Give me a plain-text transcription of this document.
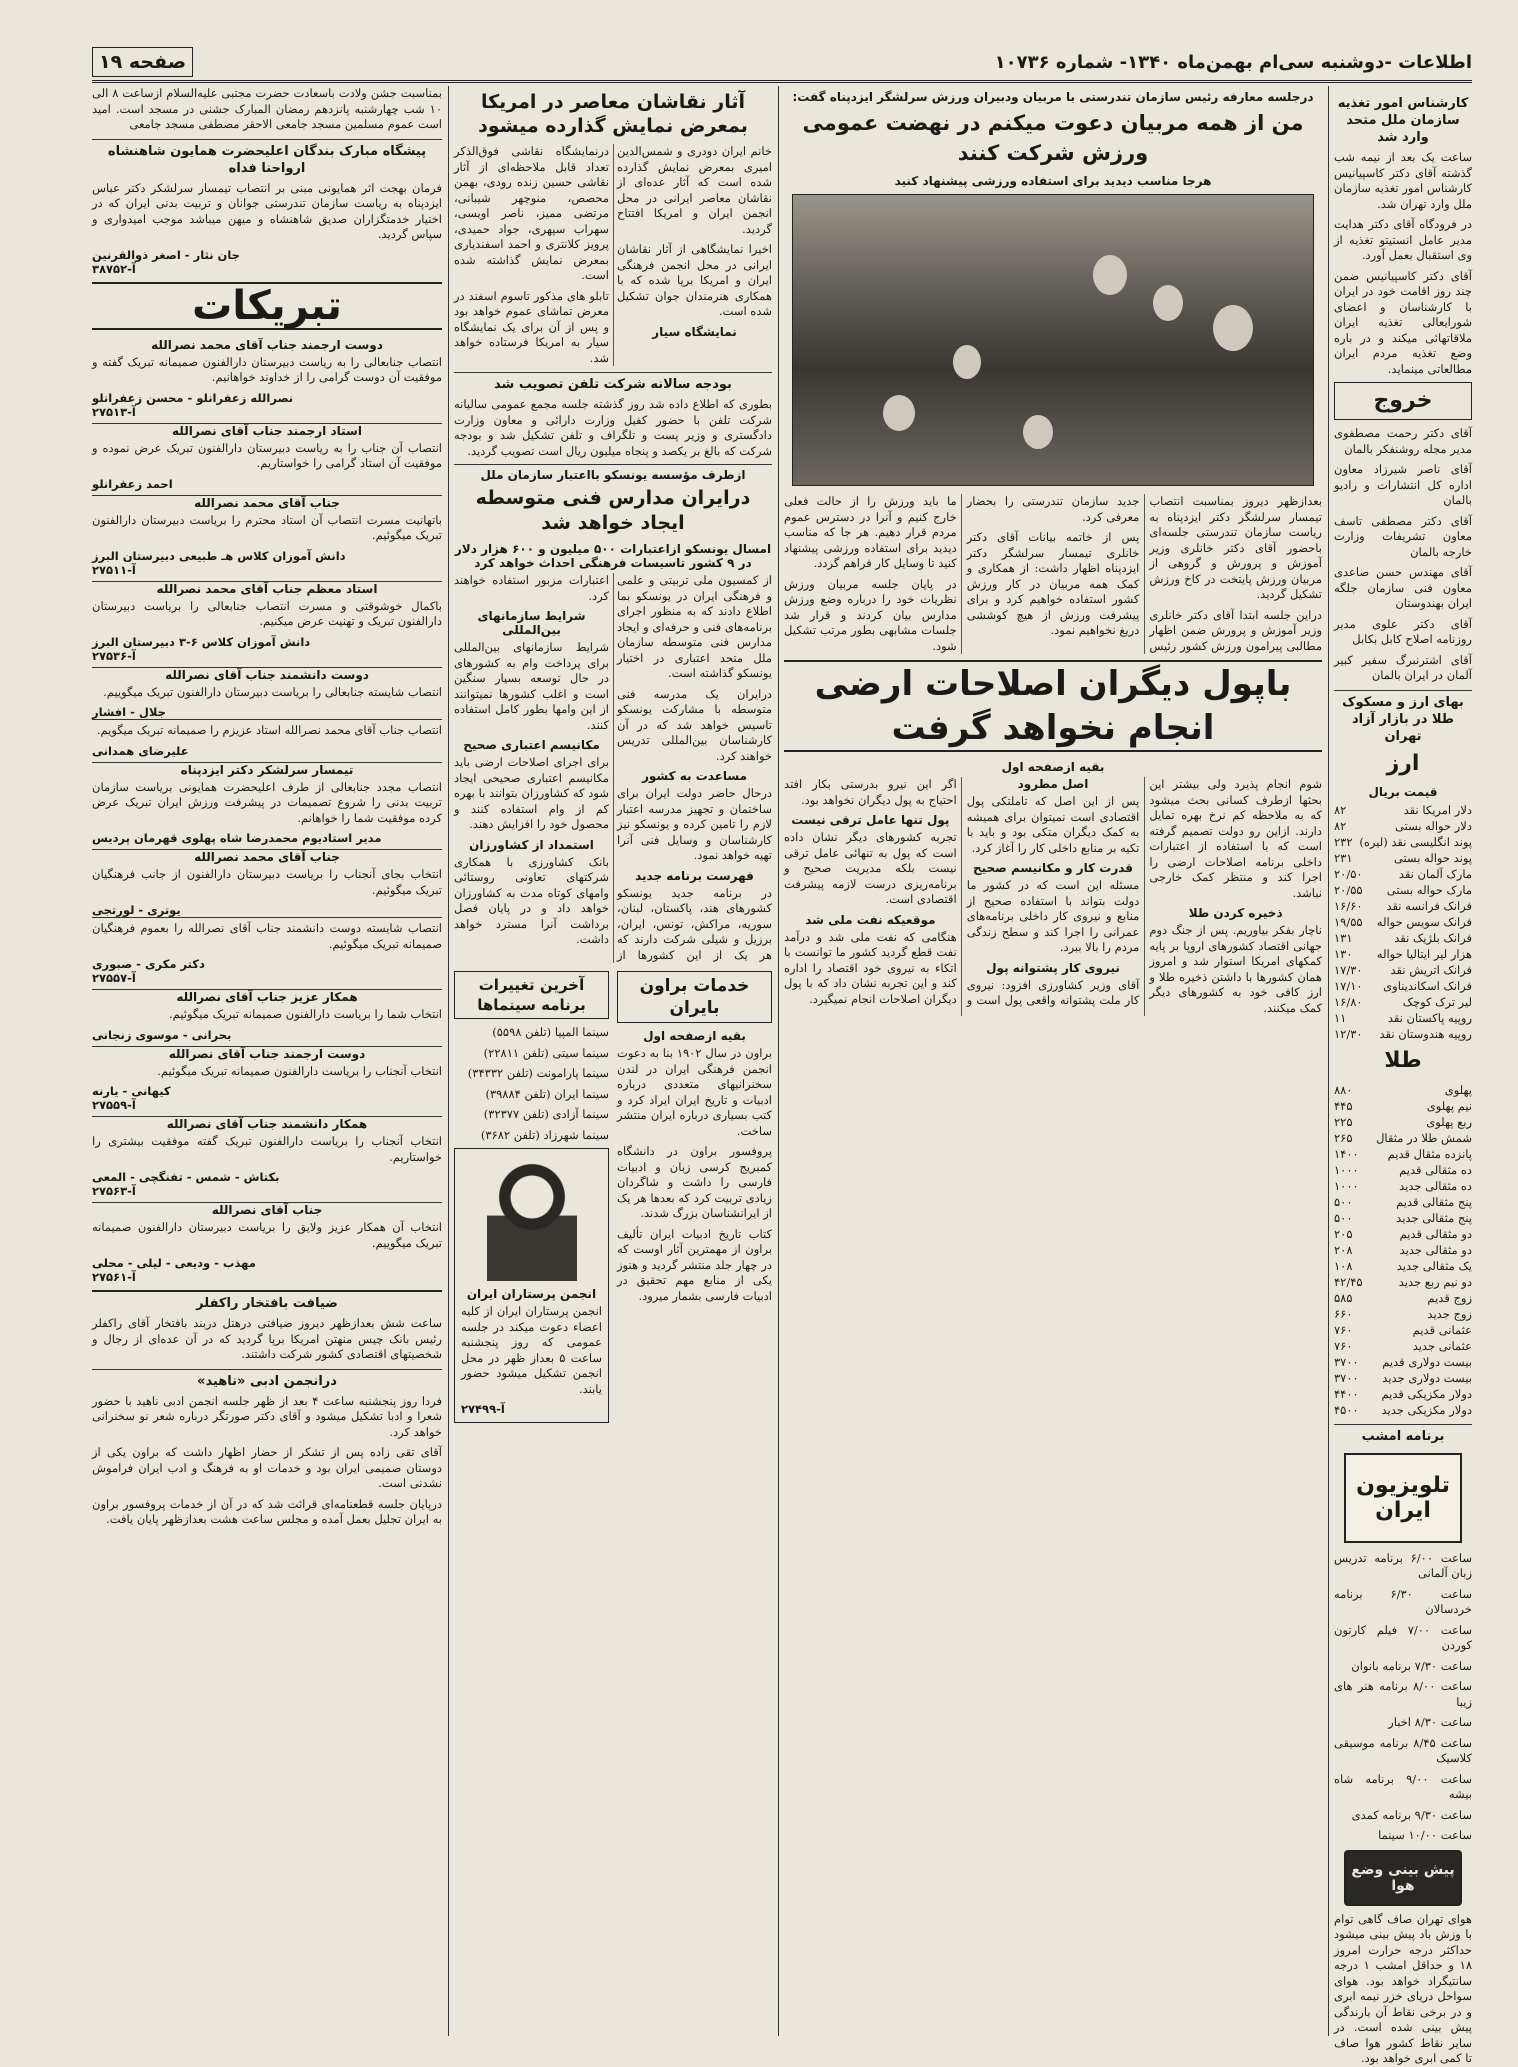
اطلاعات -دوشنبه سی‌ام بهمن‌ماه ۱۳۴۰- شماره ۱۰۷۳۶
صفحه ۱۹
کارشناس امور تغذیه سازمان ملل متحد وارد شد

ساعت یک بعد از نیمه شب گذشته آقای دکتر کاسپیانیس کارشناس امور تغذیه سازمان ملل وارد تهران شد.

در فرودگاه آقای دکتر هدایت مدیر عامل انستیتو تغذیه از وی استقبال بعمل آورد.

آقای دکتر کاسپیانیس ضمن چند روز اقامت خود در ایران با کارشناسان و اعضای شورایعالی تغذیه ایران ملاقاتهائی میکند و در باره وضع تغذیه مردم ایران مطالعاتی مینماید.

خروج

آقای دکتر رحمت مصطفوی مدیر مجله روشنفکر بالمان

آقای ناصر شیرزاد معاون اداره کل انتشارات و رادیو بالمان

آقای دکتر مصطفی تاسف معاون تشریفات وزارت خارجه بالمان

آقای مهندس حسن صاعدی معاون فنی سازمان جلگه ایران بهندوستان

آقای دکتر علوی مدیر روزنامه اصلاح کابل بکابل

آقای اشترنبرگ سفیر کبیر آلمان در ایران بالمان

بهای ارز و مسکوک طلا در بازار آزاد تهران
ارز
قیمت بریال
دلار امریکا نقد
۸۲
دلار حواله بستی
۸۲
پوند انگلیسی نقد (لیره)
۲۳۲
پوند حواله بستی
۲۳۱
مارک آلمان نقد
۲۰/۵۰
مارک حواله بستی
۲۰/۵۵
فرانک فرانسه نقد
۱۶/۶۰
فرانک سویس حواله
۱۹/۵۵
فرانک بلژیک نقد
۱۳۱
هزار لیر ایتالیا حواله
۱۳۰
فرانک اتریش نقد
۱۷/۳۰
فرانک اسکاندیناوی
۱۷/۱۰
لیر ترک کوچک
۱۶/۸۰
روپیه پاکستان نقد
۱۱
روپیه هندوستان نقد
۱۲/۳۰
طلا
پهلوی
۸۸۰
نیم پهلوی
۴۴۵
ربع پهلوی
۲۲۵
شمش طلا در مثقال
۲۶۵
پانزده مثقال قدیم
۱۴۰۰
ده مثقالی قدیم
۱۰۰۰
ده مثقالی جدید
۱۰۰۰
پنج مثقالی قدیم
۵۰۰
پنج مثقالی جدید
۵۰۰
دو مثقالی قدیم
۲۰۵
دو مثقالی جدید
۲۰۸
یک مثقالی جدید
۱۰۸
دو نیم ربع جدید
۴۲/۴۵
زوج قدیم
۵۸۵
زوج جدید
۶۶۰
عثمانی قدیم
۷۶۰
عثمانی جدید
۷۶۰
بیست دولاری قدیم
۳۷۰۰
بیست دولاری جدید
۳۷۰۰
دولار مکزیکی قدیم
۴۴۰۰
دولار مکزیکی جدید
۴۵۰۰
برنامه امشب
تلویزیون ایران

ساعت ۶/۰۰ برنامه تدریس زبان آلمانی

ساعت ۶/۳۰ برنامه خردسالان

ساعت ۷/۰۰ فیلم کارتون کوردن

ساعت ۷/۳۰ برنامه بانوان

ساعت ۸/۰۰ برنامه هنر های زیبا

ساعت ۸/۳۰ اخبار

ساعت ۸/۴۵ برنامه موسیقی کلاسیک

ساعت ۹/۰۰ برنامه شاه بیشه

ساعت ۹/۳۰ برنامه کمدی

ساعت ۱۰/۰۰ سینما

پیش بینی وضع هوا

هوای تهران صاف گاهی توام با وزش باد پیش بینی میشود حداکثر درجه حرارت امروز ۱۸ و حداقل امشب ۱ درجه سانتیگراد خواهد بود. هوای سواحل دریای خزر نیمه ابری و در برخی نقاط آن بارندگی پیش بینی شده است. در سایر نقاط کشور هوا صاف تا کمی ابری خواهد بود.

درجلسه معارفه رئیس سازمان تندرستی با مربیان ودبیران ورزش سرلشگر ایزدپناه گفت:
من از همه مربیان دعوت میکنم در نهضت عمومی ورزش شرکت کنند
هرجا مناسب دیدید برای استفاده ورزشی پیشنهاد کنید

بعدازظهر دیروز بمناسبت انتصاب تیمسار سرلشگر دکتر ایزدپناه به ریاست سازمان تندرستی جلسه‌ای باحضور آقای دکتر خانلری وزیر آموزش و پرورش و گروهی از مربیان ورزش پایتخت در کاخ ورزش تشکیل گردید.

دراین جلسه ابتدا آقای دکتر خانلری وزیر آموزش و پرورش ضمن اظهار مطالبی پیرامون ورزش کشور رئیس جدید سازمان تندرستی را بحضار معرفی کرد.

پس از خاتمه بیانات آقای دکتر خانلری تیمسار سرلشگر دکتر ایزدپناه اظهار داشت: از همکاری و کمک همه مربیان در کار ورزش کشور استفاده خواهیم کرد و برای پیشرفت ورزش از هیچ کوششی دریغ نخواهیم نمود.

ما باید ورزش را از حالت فعلی خارج کنیم و آنرا در دسترس عموم مردم قرار دهیم. هر جا که مناسب دیدید برای استفاده ورزشی پیشنهاد کنید تا وسایل کار فراهم گردد.

در پایان جلسه مربیان ورزش نظریات خود را درباره وضع ورزش مدارس بیان کردند و قرار شد جلسات مشابهی بطور مرتب تشکیل شود.

باپول دیگران اصلاحات ارضی انجام نخواهد گرفت
بقیه ازصفحه اول

شوم انجام پذیرد ولی بیشتر این بحثها ازطرف کسانی بحث میشود که به ملاحظه کم نرخ بهره تمایل دارند. ازاین رو دولت تصمیم گرفته است که با استفاده از اعتبارات داخلی برنامه اصلاحات ارضی را اجرا کند و منتظر کمک خارجی نباشد.

ذخیره کردن طلا

ناچار بفکر بیاوریم. پس از جنگ دوم جهانی اقتصاد کشورهای اروپا بر پایه کمکهای امریکا استوار شد و امروز همان کشورها با داشتن ذخیره طلا و ارز کافی خود به کشورهای دیگر کمک میکنند.

اصل مطرود

پس از این اصل که تاملتکی پول اقتصادی است نمیتوان برای همیشه به کمک دیگران متکی بود و باید با تکیه بر منابع داخلی کار را آغاز کرد.

قدرت کار و مکانیسم صحیح

مسئله این است که در کشور ما دولت بتواند با استفاده صحیح از منابع و نیروی کار داخلی برنامه‌های عمرانی را اجرا کند و سطح زندگی مردم را بالا ببرد.

نیروی کار پشتوانه پول

آقای وزیر کشاورزی افزود: نیروی کار ملت پشتوانه واقعی پول است و اگر این نیرو بدرستی بکار افتد احتیاج به پول دیگران نخواهد بود.

پول تنها عامل ترقی نیست

تجربه کشورهای دیگر نشان داده است که پول به تنهائی عامل ترقی نیست بلکه مدیریت صحیح و برنامه‌ریزی درست لازمه پیشرفت اقتصادی است.

موقعیکه نفت ملی شد

هنگامی که نفت ملی شد و درآمد نفت قطع گردید کشور ما توانست با اتکاء به نیروی خود اقتصاد را اداره کند و این تجربه نشان داد که با پول دیگران اصلاحات انجام نمیگیرد.

آثار نقاشان معاصر در امریکا
بمعرض نمایش گذارده میشود

خانم ایران دودری و شمس‌الدین امیری بمعرض نمایش گذارده شده است که آثار عده‌ای از نقاشان معاصر ایرانی در محل انجمن ایران و امریکا افتتاح گردید.

اخیرا نمایشگاهی از آثار نقاشان ایرانی در محل انجمن فرهنگی ایران و امریکا برپا شده که با همکاری هنرمندان جوان تشکیل شده است.

نمایشگاه سیار

درنمایشگاه نقاشی فوق‌الذکر تعداد قابل ملاحظه‌ای از آثار نقاشی حسین زنده رودی، بهمن محصص، منوچهر شیبانی، مرتضی ممیز، ناصر اویسی، سهراب سپهری، جواد حمیدی، پرویز کلانتری و احمد اسفندیاری بمعرض نمایش گذاشته شده است.

تابلو های مذکور تاسوم اسفند در معرض تماشای عموم خواهد بود و پس از آن برای یک نمایشگاه سیار به امریکا فرستاده خواهد شد.

بودجه سالانه شرکت تلفن تصویب شد

بطوری که اطلاع داده شد روز گذشته جلسه مجمع عمومی سالیانه شرکت تلفن با حضور کفیل وزارت دارائی و معاون وزارت دادگستری و وزیر پست و تلگراف و تلفن تشکیل شد و بودجه شرکت که بالغ بر یکصد و پنجاه میلیون ریال است تصویب گردید.

ازطرف مؤسسه یونسکو بااعتبار سازمان ملل
درایران مدارس فنی متوسطه ایجاد خواهد شد
امسال یونسکو ازاعتبارات ۵۰۰ میلیون و ۶۰۰ هزار دلار در ۹ کشور تاسیسات فرهنگی احداث خواهد کرد

از کمسیون ملی تربیتی و علمی و فرهنگی ایران در یونسکو بما اطلاع دادند که به منظور اجرای برنامه‌های فنی و حرفه‌ای و ایجاد مدارس فنی متوسطه سازمان ملل متحد اعتباری در اختیار یونسکو گذاشته است.

درایران یک مدرسه فنی متوسطه با مشارکت یونسکو تاسیس خواهد شد که در آن کارشناسان بین‌المللی تدریس خواهند کرد.

مساعدت به کشور

درحال حاضر دولت ایران برای ساختمان و تجهیز مدرسه اعتبار لازم را تامین کرده و یونسکو نیز کارشناسان و وسایل فنی آنرا تهیه خواهد نمود.

فهرست برنامه جدید

در برنامه جدید یونسکو کشورهای هند، پاکستان، لبنان، سوریه، مراکش، تونس، ایران، برزیل و شیلی شرکت دارند که هر یک از این کشورها از اعتبارات مزبور استفاده خواهند کرد.

شرایط سازمانهای بین‌المللی

شرایط سازمانهای بین‌المللی برای پرداخت وام به کشورهای در حال توسعه بسیار سنگین است و اغلب کشورها نمیتوانند از این وامها بطور کامل استفاده کنند.

مکانیسم اعتباری صحیح

برای اجرای اصلاحات ارضی باید مکانیسم اعتباری صحیحی ایجاد شود که کشاورزان بتوانند با بهره کم از وام استفاده کنند و محصول خود را افزایش دهند.

استمداد از کشاورزان

بانک کشاورزی با همکاری شرکتهای تعاونی روستائی وامهای کوتاه مدت به کشاورزان خواهد داد و در پایان فصل برداشت آنرا مسترد خواهد داشت.

خدمات براون بایران
بقیه ازصفحه اول

براون در سال ۱۹۰۲ بنا به دعوت انجمن فرهنگی ایران در لندن سخنرانیهای متعددی درباره ادبیات و تاریخ ایران ایراد کرد و کتب بسیاری درباره ایران منتشر ساخت.

پروفسور براون در دانشگاه کمبریج کرسی زبان و ادبیات فارسی را داشت و شاگردان زیادی تربیت کرد که بعدها هر یک از ایرانشناسان بزرگ شدند.

کتاب تاریخ ادبیات ایران تألیف براون از مهمترین آثار اوست که در چهار جلد منتشر گردید و هنوز یکی از منابع مهم تحقیق در ادبیات فارسی بشمار میرود.

آخرین تغییرات برنامه سینماها

سینما المپیا (تلفن ۵۵۹۸)

سینما سیتی (تلفن ۲۲۸۱۱)

سینما پارامونت (تلفن ۳۴۳۳۲)

سینما ایران (تلفن ۳۹۸۸۴)

سینما آزادی (تلفن ۳۲۳۷۷)

سینما شهرزاد (تلفن ۳۶۸۲)

انجمن پرستاران ایران

انجمن پرستاران ایران از کلیه اعضاء دعوت میکند در جلسه عمومی که روز پنجشنبه ساعت ۵ بعداز ظهر در محل انجمن تشکیل میشود حضور یابند.

آ-۲۷۴۹۹

بمناسبت جشن ولادت باسعادت حضرت مجتبی علیه‌السلام ازساعت ۸ الی ۱۰ شب چهارشنبه پانزدهم رمضان المبارک جشنی در مسجد است. امید است عموم مسلمین مسجد جامعی الاحقر مصطفی مسجد جامعی

پیشگاه مبارک بندگان اعلیحضرت همایون شاهنشاه ارواحنا فداه

فرمان بهجت اثر همایونی مبنی بر انتصاب تیمسار سرلشکر دکتر عباس ایزدپناه به ریاست سازمان تندرستی جوانان و تربیت بدنی ایران که در اختیار خدمتگزاران صدیق شاهنشاه و میهن میباشد موجب امیدواری و سپاس گردید.

جان نثار - اصغر ذوالقرنین
آ-۳۸۷۵۲
تبریکات
دوست ارجمند جناب آقای محمد نصرالله

انتصاب جنابعالی را به ریاست دبیرستان دارالفنون صمیمانه تبریک گفته و موفقیت آن دوست گرامی را از خداوند خواهانیم.

نصرالله زعفرانلو - محسن زعفرانلو
آ-۲۷۵۱۳
استاد ارجمند جناب آقای نصرالله

انتصاب آن جناب را به ریاست دبیرستان دارالفنون تبریک عرض نموده و موفقیت آن استاد گرامی را خواستاریم.

احمد زعفرانلو
جناب آقای محمد نصرالله

باتهانیت مسرت انتصاب آن استاد محترم را بریاست دبیرستان دارالفنون تبریک میگوئیم.

دانش آموزان کلاس هـ طبیعی دبیرستان البرز
آ-۲۷۵۱۱
استاد معظم جناب آقای محمد نصرالله

باکمال خوشوقتی و مسرت انتصاب جنابعالی را بریاست دبیرستان دارالفنون تبریک و تهنیت عرض میکنیم.

دانش آموزان کلاس ۶-۳ دبیرستان البرز
آ-۲۷۵۳۶
دوست دانشمند جناب آقای نصرالله

انتصاب شایسته جنابعالی را بریاست دبیرستان دارالفنون تبریک میگوییم.

جلال - افشار

انتصاب جناب آقای محمد نصرالله استاد عزیزم را صمیمانه تبریک میگویم.

علیرضای همدانی
تیمسار سرلشکر دکتر ایزدپناه

انتصاب مجدد جنابعالی از طرف اعلیحضرت همایونی بریاست سازمان تربیت بدنی را شروع تصمیمات در پیشرفت ورزش ایران تبریک عرض کرده موفقیت شما را خواهانم.

مدیر استادیوم محمدرضا شاه پهلوی قهرمان پردیس
جناب آقای محمد نصرالله

انتخاب بجای آنجناب را بریاست دبیرستان دارالفنون از جانب فرهنگیان تبریک میگوئیم.

یوتری - لورتجی

انتصاب شایسته دوست دانشمند جناب آقای نصرالله را بعموم فرهنگیان صمیمانه تبریک میگوئیم.

دکتر مکری - صبوری
آ-۲۷۵۵۷
همکار عزیز جناب آقای نصرالله

انتخاب شما را بریاست دارالفنون صمیمانه تبریک میگوئیم.

بحرانی - موسوی زنجانی
دوست ارجمند جناب آقای نصرالله

انتخاب آنجناب را بریاست دارالفنون صمیمانه تبریک میگوئیم.

کیهانی - یارنه
آ-۲۷۵۵۹
همکار دانشمند جناب آقای نصرالله

انتخاب آنجناب را بریاست دارالفنون تبریک گفته موفقیت بیشتری را خواستاریم.

بکتاش - شمس - تفنگچی - المعی
آ-۲۷۵۶۳
جناب آقای نصرالله

انتخاب آن همکار عزیز ولایق را بریاست دبیرستان دارالفنون صمیمانه تبریک میگوییم.

مهذب - ودیعی - لیلی - محلی
آ-۲۷۵۶۱
ضیافت بافتخار راکفلر

ساعت شش بعدازظهر دیروز ضیافتی درهتل دربند بافتخار آقای راکفلر رئیس بانک چیس منهتن امریکا برپا گردید که در آن عده‌ای از رجال و شخصیتهای اقتصادی کشور شرکت داشتند.

درانجمن ادبی «ناهید»

فردا روز پنجشنبه ساعت ۴ بعد از ظهر جلسه انجمن ادبی ناهید با حضور شعرا و ادبا تشکیل میشود و آقای دکتر صورتگر درباره شعر نو سخنرانی خواهد کرد.

آقای تقی زاده پس از تشکر از حضار اظهار داشت که براون یکی از دوستان صمیمی ایران بود و خدمات او به فرهنگ و ادب ایران فراموش نشدنی است.

درپایان جلسه قطعنامه‌ای قرائت شد که در آن از خدمات پروفسور براون به ایران تجلیل بعمل آمده و مجلس ساعت هشت بعدازظهر پایان یافت.
